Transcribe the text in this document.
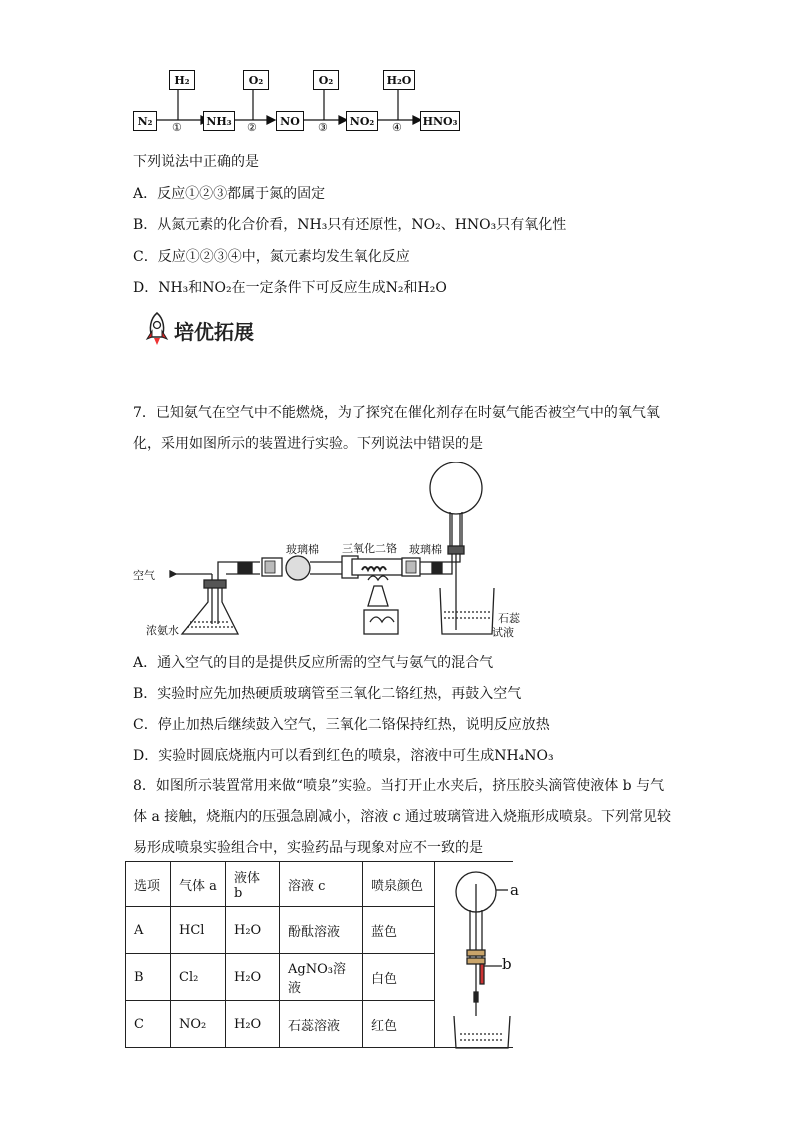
H₂	O₂	O₂	H₂O
N₂	NH₃	NO	NO₂	HNO₃
①	②	③	④
下列说法中正确的是
A．反应①②③都属于氮的固定
B．从氮元素的化合价看，NH₃只有还原性，NO₂、HNO₃只有氧化性
C．反应①②③④中，氮元素均发生氧化反应
D．NH₃和NO₂在一定条件下可反应生成N₂和H₂O
培优拓展
7．已知氨气在空气中不能燃烧，为了探究在催化剂存在时氨气能否被空气中的氧气氧
化，采用如图所示的装置进行实验。下列说法中错误的是
空气
浓氨水
玻璃棉 三氧化二铬 玻璃棉
石蕊
试液
A．通入空气的目的是提供反应所需的空气与氨气的混合气
B．实验时应先加热硬质玻璃管至三氧化二铬红热，再鼓入空气
C．停止加热后继续鼓入空气，三氧化二铬保持红热，说明反应放热
D．实验时圆底烧瓶内可以看到红色的喷泉，溶液中可生成NH₄NO₃
8．如图所示装置常用来做“喷泉”实验。当打开止水夹后，挤压胶头滴管使液体 b 与气
体 a 接触，烧瓶内的压强急剧减小，溶液 c 通过玻璃管进入烧瓶形成喷泉。下列常见较
易形成喷泉实验组合中，实验药品与现象对应不一致的是
选项	气体 a	液体 b	溶液 c	喷泉颜色	
A	HCl	H₂O	酚酞溶液	蓝色	
B	Cl₂	H₂O	AgNO₃溶液	白色	
C	NO₂	H₂O	石蕊溶液	红色	
a
b
